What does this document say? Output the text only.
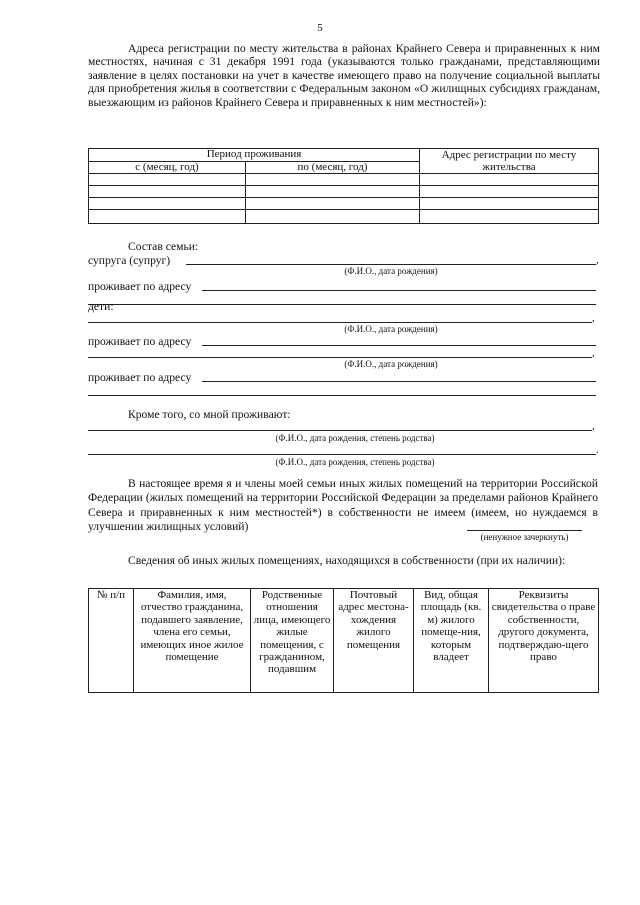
5
Адреса регистрации по месту жительства в районах Крайнего Севера и приравненных к ним местностях, начиная с 31 декабря 1991 года (указываются только гражданами, представляющими заявление в целях постановки на учет в качестве имеющего право на получение социальной выплаты для приобретения жилья в соответствии с Федеральным законом «О жилищных субсидиях гражданам, выезжающим из районов Крайнего Севера и приравненных к ним местностей»):
Период проживания		Адрес регистрации по месту жительства
с (месяц, год)	по (месяц, год)	

Состав семьи:
супруга (супруг)	,
(Ф.И.О., дата рождения)
проживает по адресу
дети:
,
(Ф.И.О., дата рождения)
проживает по адресу
,
(Ф.И.О., дата рождения)
проживает по адресу
Кроме того, со мной проживают:
,
(Ф.И.О., дата рождения, степень родства)
.
(Ф.И.О., дата рождения, степень родства)
В настоящее время я и члены моей семьи иных жилых помещений на территории Российской Федерации (жилых помещений на территории Российской Федерации за пределами районов Крайнего Севера и приравненных к ним местностей*) в собственности не имеем (имеем, но нуждаемся в улучшении жилищных условий)
(ненужное зачеркнуть)
Сведения об иных жилых помещениях, находящихся в собственности (при их наличии):
№ п/п	Фамилия, имя, отчество гражданина, подавшего заявление, члена его семьи, имеющих иное жилое помещение	Родственные отношения лица, имеющего жилые помещения, с гражданином, подавшим	Почтовый адрес местона-хождения жилого помещения	Вид, общая площадь (кв. м) жилого помеще-ния, которым владеет	Реквизиты свидетельства о праве собственности, другого документа, подтверждаю-щего право
